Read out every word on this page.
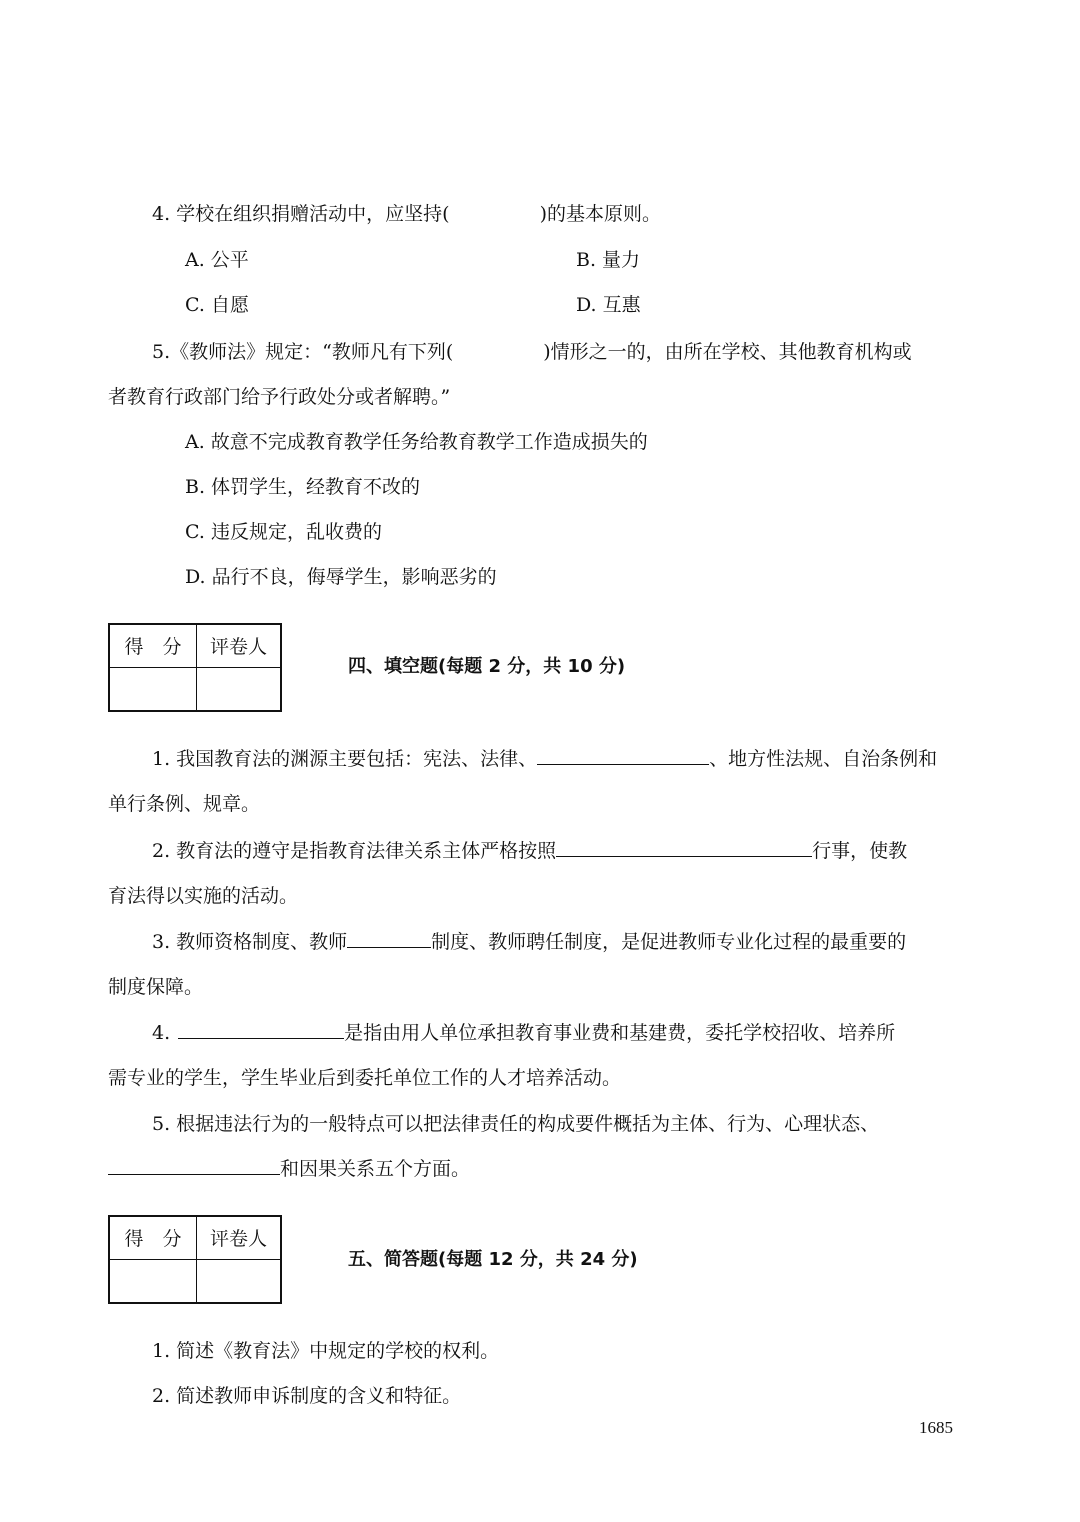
4. 学校在组织捐赠活动中，应坚持(	)的基本原则。
A. 公平	B. 量力
C. 自愿	D. 互惠
5.《教师法》规定：“教师凡有下列(	)情形之一的，由所在学校、其他教育机构或
者教育行政部门给予行政处分或者解聘。”
A. 故意不完成教育教学任务给教育教学工作造成损失的
B. 体罚学生，经教育不改的
C. 违反规定，乱收费的
D. 品行不良，侮辱学生，影响恶劣的
得　分	评卷人

四、填空题(每题 2 分，共 10 分)
1. 我国教育法的渊源主要包括：宪法、法律、	、地方性法规、自治条例和
单行条例、规章。
2. 教育法的遵守是指教育法律关系主体严格按照	行事，使教
育法得以实施的活动。
3. 教师资格制度、教师	制度、教师聘任制度，是促进教师专业化过程的最重要的
制度保障。
4.	是指由用人单位承担教育事业费和基建费，委托学校招收、培养所
需专业的学生，学生毕业后到委托单位工作的人才培养活动。
5. 根据违法行为的一般特点可以把法律责任的构成要件概括为主体、行为、心理状态、
和因果关系五个方面。
得　分	评卷人

五、简答题(每题 12 分，共 24 分)
1. 简述《教育法》中规定的学校的权利。
2. 简述教师申诉制度的含义和特征。
1685
